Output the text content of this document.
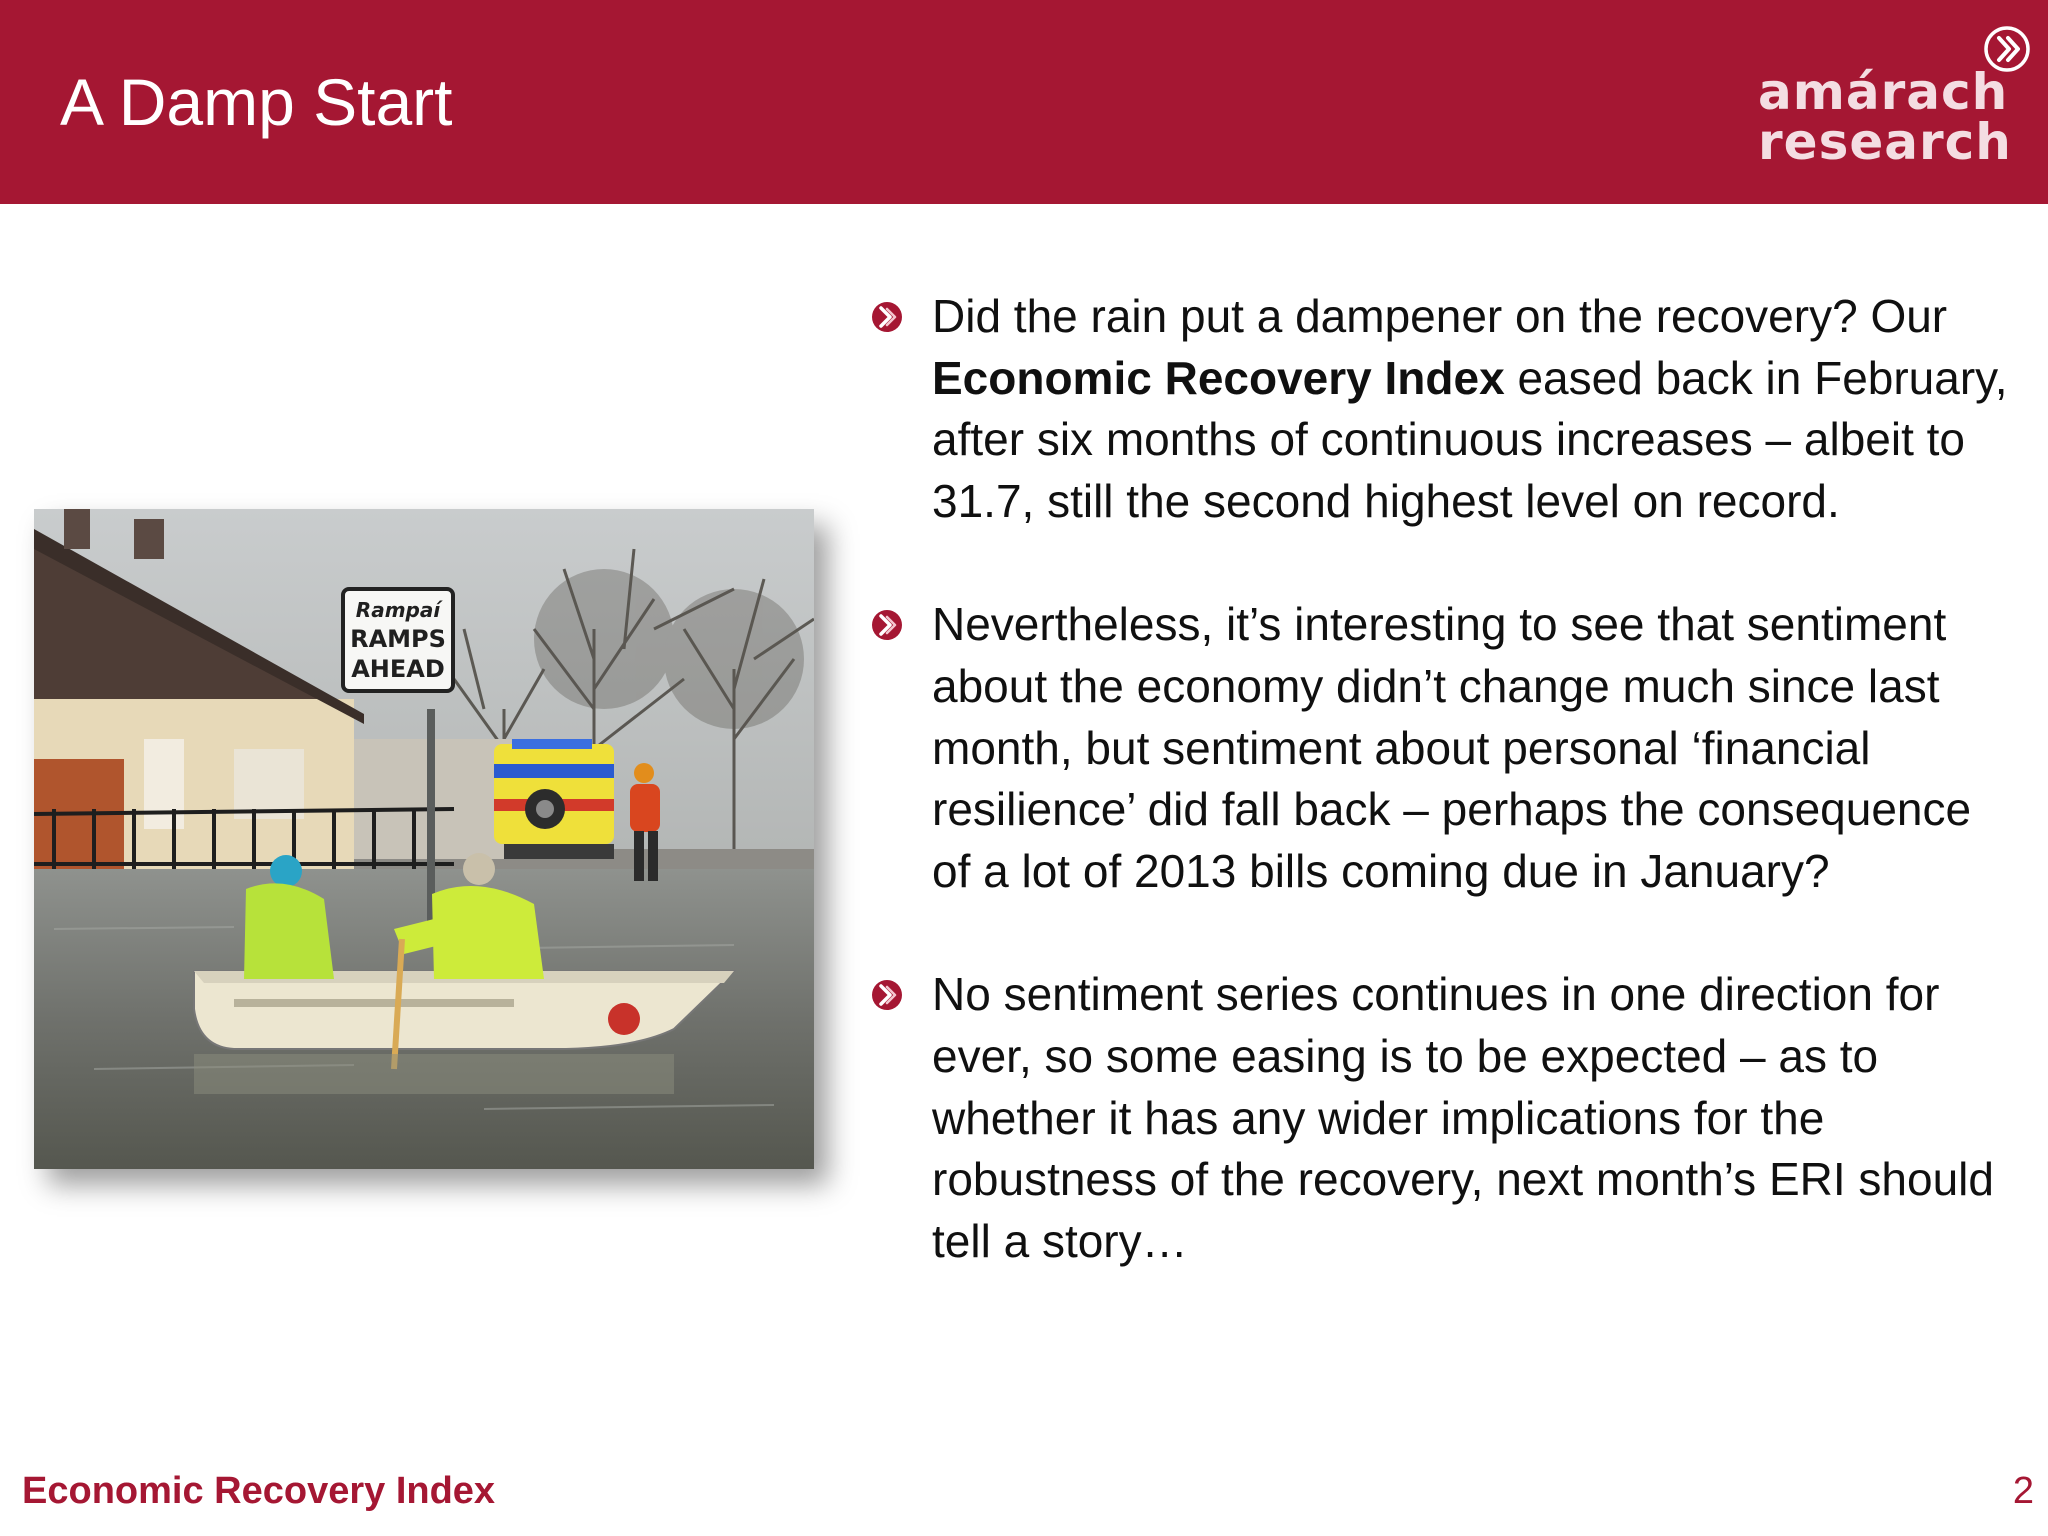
A Damp Start	amárach
research
Rampaí
RAMPS
AHEAD
Did the rain put a dampener on the recovery? Our Economic Recovery Index eased back in February, after six months of continuous increases – albeit to 31.7, still the second highest level on record.
Nevertheless, it’s interesting to see that sentiment about the economy didn’t change much since last month, but sentiment about personal ‘financial resilience’ did fall back – perhaps the consequence of a lot of 2013 bills coming due in January?
No sentiment series continues in one direction for ever, so some easing is to be expected – as to whether it has any wider implications for the robustness of the recovery, next month’s ERI should tell a story…
Economic Recovery Index	2
